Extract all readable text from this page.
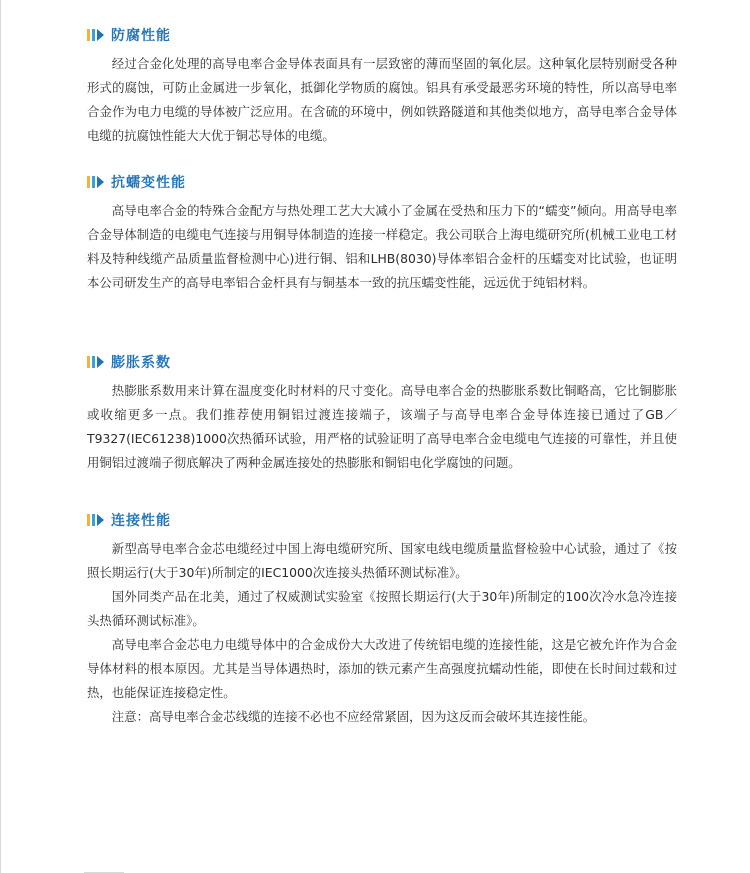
防腐性能

经过合金化处理的高导电率合金导体表面具有一层致密的薄而坚固的氧化层。这种氧化层特别耐受各种形式的腐蚀，可防止金属进一步氧化，抵御化学物质的腐蚀。铝具有承受最恶劣环境的特性，所以高导电率合金作为电力电缆的导体被广泛应用。在含硫的环境中，例如铁路隧道和其他类似地方，高导电率合金导体电缆的抗腐蚀性能大大优于铜芯导体的电缆。

抗蠕变性能

高导电率合金的特殊合金配方与热处理工艺大大减小了金属在受热和压力下的“蠕变”倾向。用高导电率合金导体制造的电缆电气连接与用铜导体制造的连接一样稳定。我公司联合上海电缆研究所(机械工业电工材料及特种线缆产品质量监督检测中心)进行铜、铝和LHB(8030)导体率铝合金杆的压蠕变对比试验，也证明本公司研发生产的高导电率铝合金杆具有与铜基本一致的抗压蠕变性能，远远优于纯铝材料。

膨胀系数

热膨胀系数用来计算在温度变化时材料的尺寸变化。高导电率合金的热膨胀系数比铜略高，它比铜膨胀或收缩更多一点。我们推荐使用铜铝过渡连接端子，该端子与高导电率合金导体连接已通过了GB／T9327(IEC61238)1000次热循环试验，用严格的试验证明了高导电率合金电缆电气连接的可靠性，并且使用铜铝过渡端子彻底解决了两种金属连接处的热膨胀和铜铝电化学腐蚀的问题。

连接性能

新型高导电率合金芯电缆经过中国上海电缆研究所、国家电线电缆质量监督检验中心试验，通过了《按照长期运行(大于30年)所制定的IEC1000次连接头热循环测试标准》。

国外同类产品在北美，通过了权威测试实验室《按照长期运行(大于30年)所制定的100次冷水急冷连接头热循环测试标准》。

高导电率合金芯电力电缆导体中的合金成份大大改进了传统铝电缆的连接性能，这是它被允许作为合金导体材料的根本原因。尤其是当导体遇热时，添加的铁元素产生高强度抗蠕动性能，即使在长时间过载和过热，也能保证连接稳定性。

注意：高导电率合金芯线缆的连接不必也不应经常紧固，因为这反而会破坏其连接性能。
